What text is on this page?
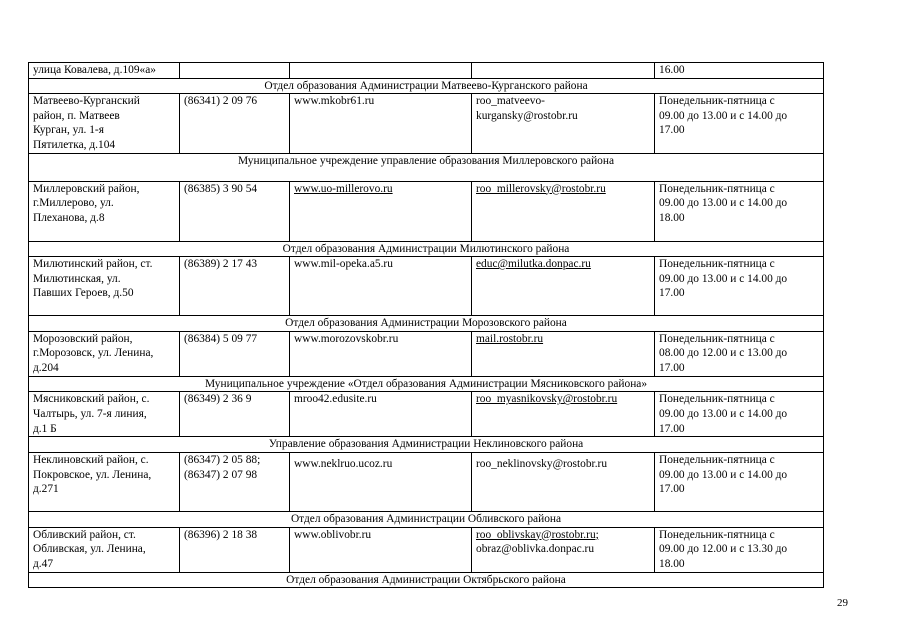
улица Ковалева, д.109«а»				16.00
Отдел образования Администрации Матвеево-Курганского района				
Матвеево-Курганский
район, п. Матвеев
Курган, ул. 1-я
Пятилетка, д.104	(86341) 2 09 76	www.mkobr61.ru	roo_matveevo-
kurgansky@rostobr.ru	Понедельник-пятница с
09.00 до 13.00 и с 14.00 до
17.00
Муниципальное учреждение управление образования Миллеровского района				
Миллеровский район,
г.Миллерово, ул.
Плеханова, д.8	(86385) 3 90 54	www.uo-millerovo.ru	roo_millerovsky@rostobr.ru	Понедельник-пятница с
09.00 до 13.00 и с 14.00 до
18.00
Отдел образования Администрации Милютинского района				
Милютинский район, ст.
Милютинская, ул.
Павших Героев, д.50	(86389) 2 17 43	www.mil-opeka.a5.ru	educ@milutka.donpac.ru	Понедельник-пятница с
09.00 до 13.00 и с 14.00 до
17.00
Отдел образования Администрации Морозовского района				
Морозовский район,
г.Морозовск, ул. Ленина,
д.204	(86384) 5 09 77	www.morozovskobr.ru	mail.rostobr.ru	Понедельник-пятница с
08.00 до 12.00 и с 13.00 до
17.00
Муниципальное учреждение «Отдел образования Администрации Мясниковского района»				
Мясниковский район, с.
Чалтырь, ул. 7-я линия,
д.1 Б	(86349) 2 36 9	mroo42.edusite.ru	roo_myasnikovsky@rostobr.ru	Понедельник-пятница с
09.00 до 13.00 и с 14.00 до
17.00
Управление образования Администрации Неклиновского района				
Неклиновский район, с.
Покровское, ул. Ленина,
д.271	(86347) 2 05 88;
(86347) 2 07 98	www.neklruo.ucoz.ru	roo_neklinovsky@rostobr.ru	Понедельник-пятница с
09.00 до 13.00 и с 14.00 до
17.00
Отдел образования Администрации Обливского района				
Обливский район, ст.
Обливская, ул. Ленина,
д.47	(86396) 2 18 38	www.oblivobr.ru	roo_oblivskay@rostobr.ru;
obraz@oblivka.donpac.ru	Понедельник-пятница с
09.00 до 12.00 и с 13.30 до
18.00
Отдел образования Администрации Октябрьского района				
29
